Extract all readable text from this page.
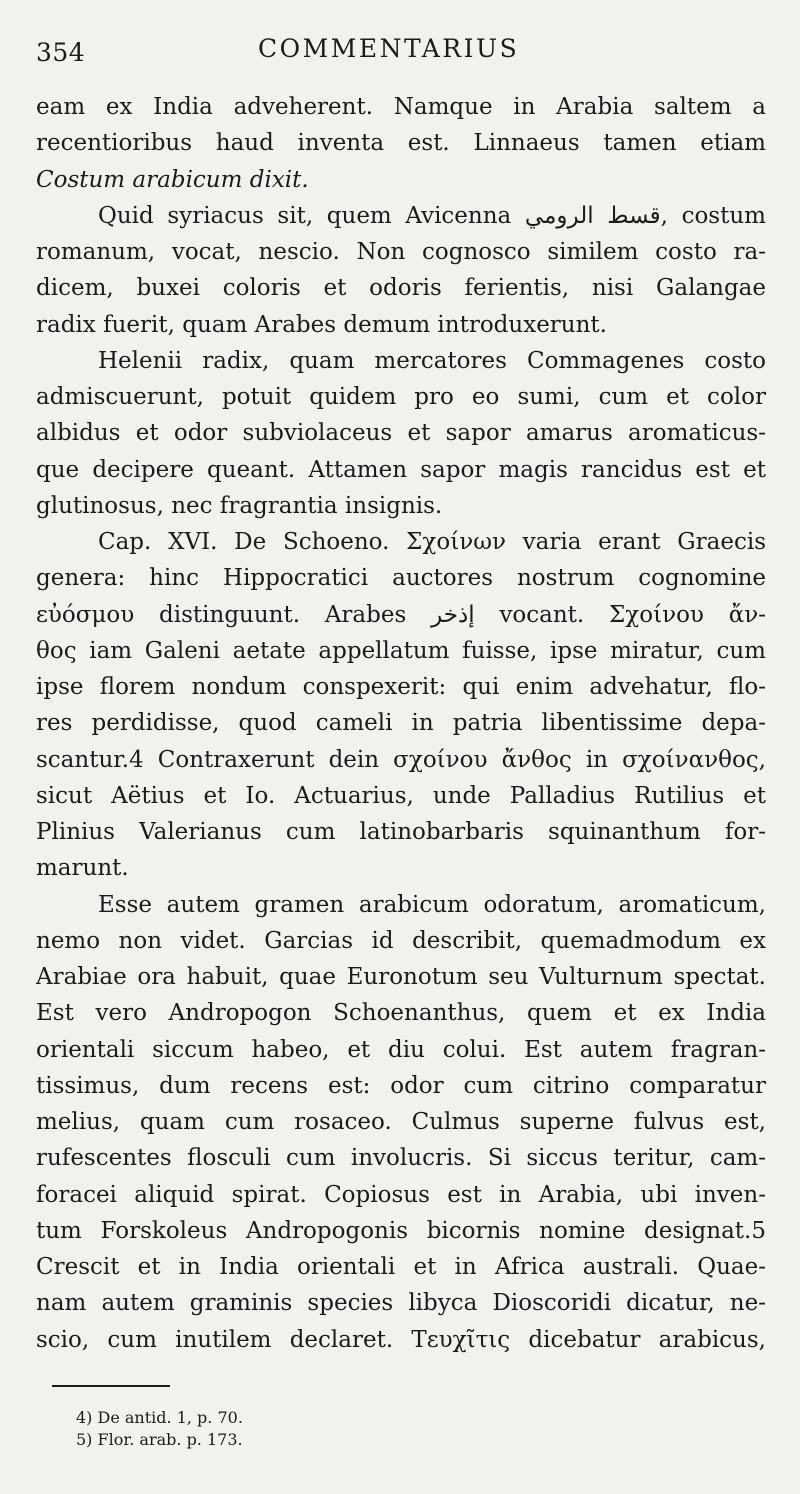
354	COMMENTARIUS
eam ex India adveherent. Namque in Arabia saltem a
recentioribus haud inventa est. Linnaeus tamen etiam
Costum arabicum dixit.
Quid syriacus sit, quem Avicenna قسط الرومي, costum
romanum, vocat, nescio. Non cognosco similem costo ra-
dicem, buxei coloris et odoris ferientis, nisi Galangae
radix fuerit, quam Arabes demum introduxerunt.
Helenii radix, quam mercatores Commagenes costo
admiscuerunt, potuit quidem pro eo sumi, cum et color
albidus et odor subviolaceus et sapor amarus aromaticus-
que decipere queant. Attamen sapor magis rancidus est et
glutinosus, nec fragrantia insignis.
Cap. XVI. De Schoeno. Σχοίνων varia erant Graecis
genera: hinc Hippocratici auctores nostrum cognomine
εὐόσμου distinguunt. Arabes إذخر vocant. Σχοίνου ἄν-
θος iam Galeni aetate appellatum fuisse, ipse miratur, cum
ipse florem nondum conspexerit: qui enim advehatur, flo-
res perdidisse, quod cameli in patria libentissime depa-
scantur.4 Contraxerunt dein σχοίνου ἄνθος in σχοίνανθος,
sicut Aëtius et Io. Actuarius, unde Palladius Rutilius et
Plinius Valerianus cum latinobarbaris squinanthum for-
marunt.
Esse autem gramen arabicum odoratum, aromaticum,
nemo non videt. Garcias id describit, quemadmodum ex
Arabiae ora habuit, quae Euronotum seu Vulturnum spectat.
Est vero Andropogon Schoenanthus, quem et ex India
orientali siccum habeo, et diu colui. Est autem fragran-
tissimus, dum recens est: odor cum citrino comparatur
melius, quam cum rosaceo. Culmus superne fulvus est,
rufescentes flosculi cum involucris. Si siccus teritur, cam-
foracei aliquid spirat. Copiosus est in Arabia, ubi inven-
tum Forskoleus Andropogonis bicornis nomine designat.5
Crescit et in India orientali et in Africa australi. Quae-
nam autem graminis species libyca Dioscoridi dicatur, ne-
scio, cum inutilem declaret. Τευχῖτις dicebatur arabicus,
4) De antid. 1, p. 70.
5) Flor. arab. p. 173.
